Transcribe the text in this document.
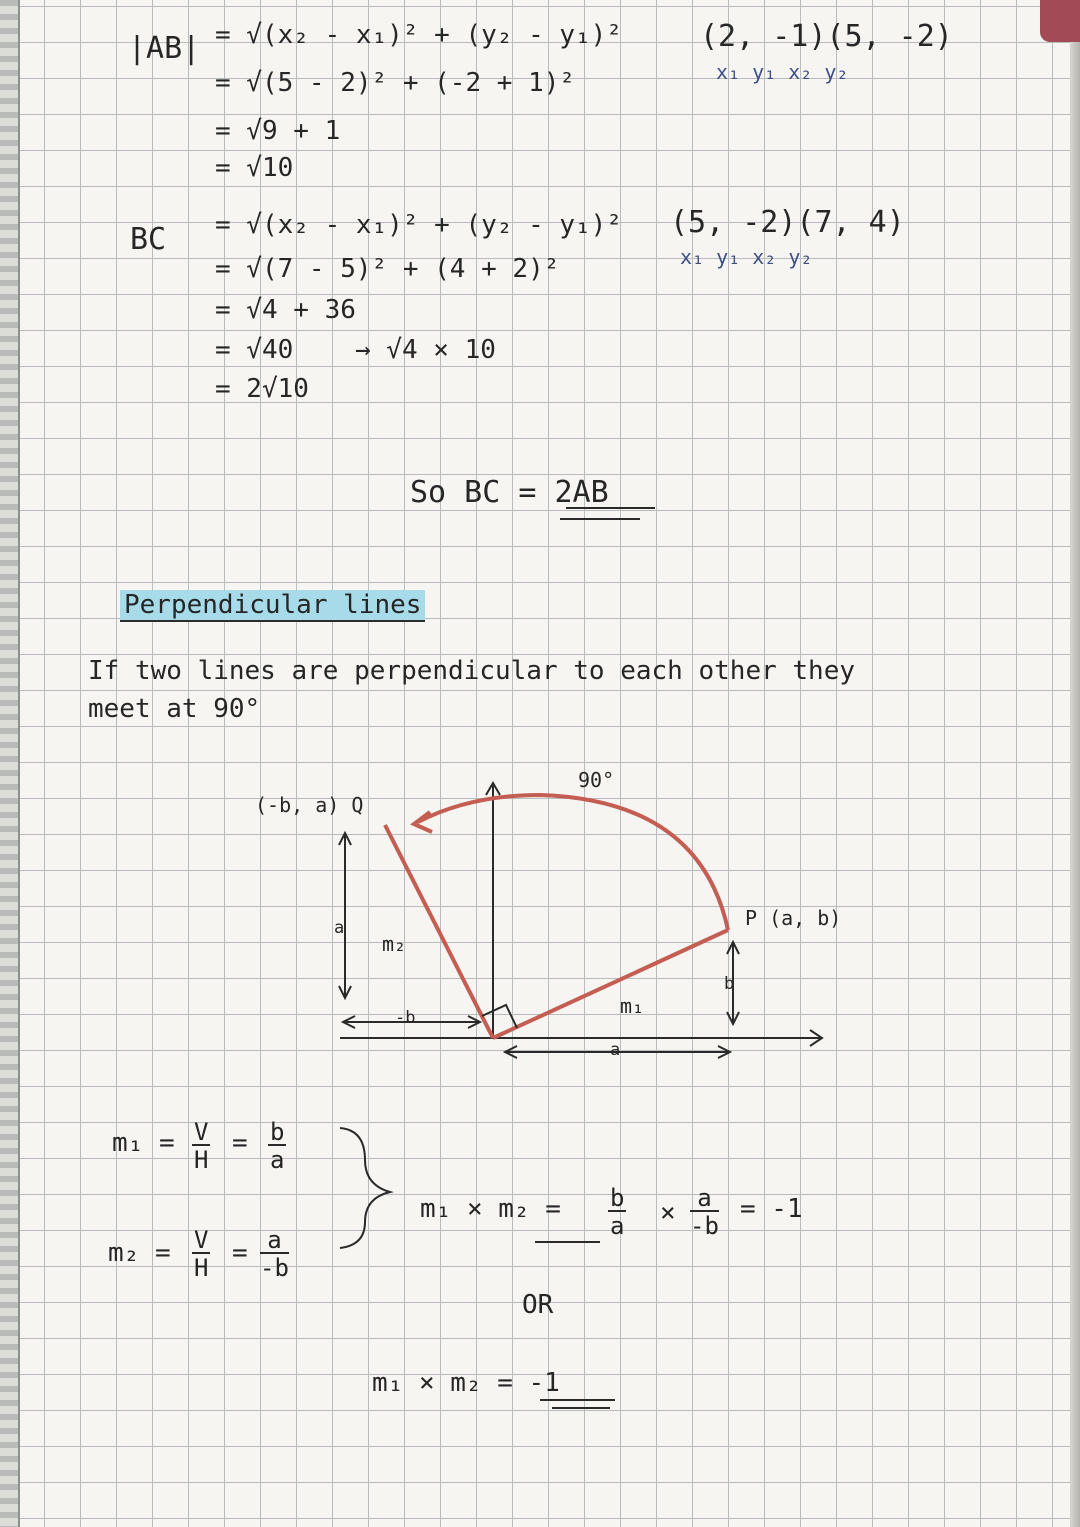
|AB| = √(x₂ - x₁)² + (y₂ - y₁)²
= √(5 - 2)² + (-2 + 1)²
= √9 + 1
= √10
(2, -1)(5, -2)
x₁ y₁ x₂ y₂
BC = √(x₂ - x₁)² + (y₂ - y₁)²
= √(7 - 5)² + (4 + 2)²
= √4 + 36
= √40
= 2√10
→ √4 × 10
(5, -2)(7, 4)
x₁ y₁ x₂ y₂
So BC = 2AB
Perpendicular lines
If two lines are perpendicular to each other they
meet at 90°
(-b, a) Q
P (a, b)
90°
m₁
m₂
a
b
-b
a
$m_1 = \frac{V}{H} = \frac{b}{a}$
$m_2 = \frac{V}{H} = \frac{a}{-b}$
$m_1 \times m_2 = \frac{b}{a} \times \frac{a}{-b} = -1$
OR
m₁ × m₂ = -1
